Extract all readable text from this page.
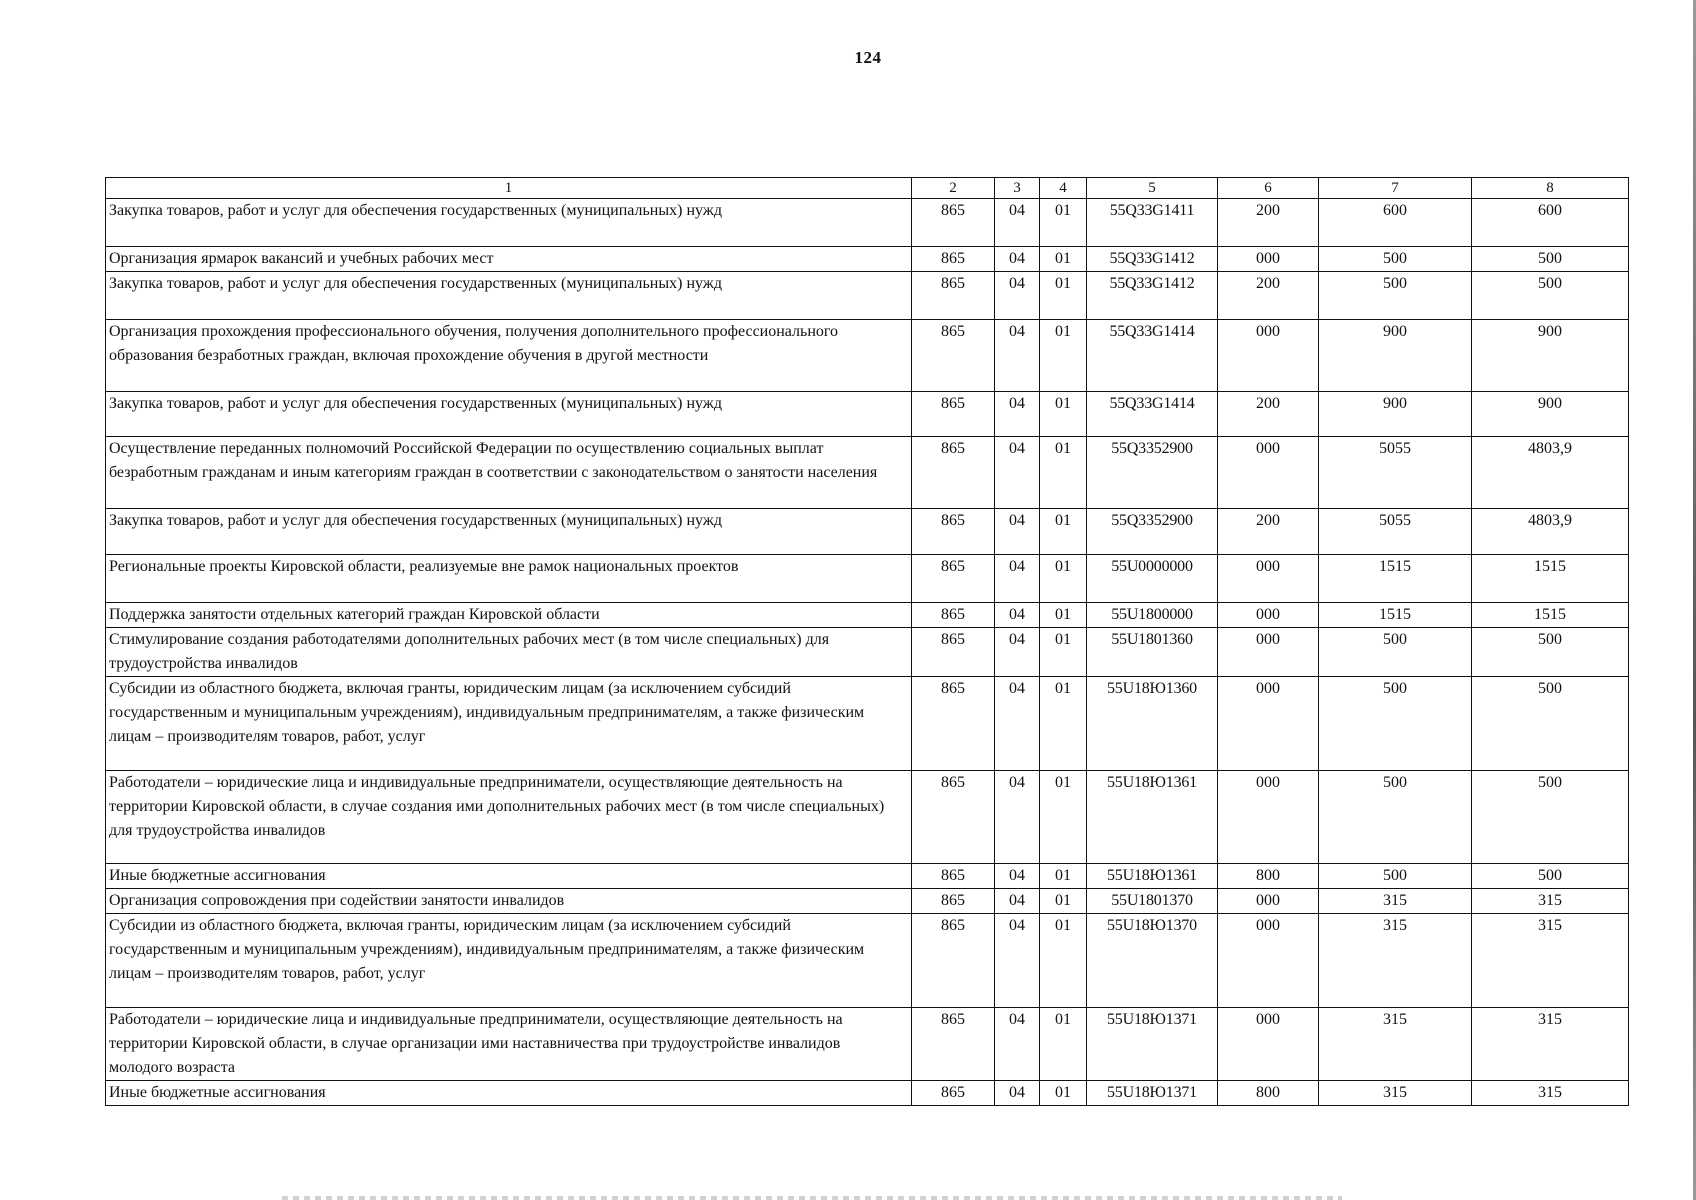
124
1	2	3	4	5	6	7	8
Закупка товаров, работ и услуг для обеспечения государственных (муниципальных) нужд	865	04	01	55Q33G1411	200	600	600
Организация ярмарок вакансий и учебных рабочих мест	865	04	01	55Q33G1412	000	500	500
Закупка товаров, работ и услуг для обеспечения государственных (муниципальных) нужд	865	04	01	55Q33G1412	200	500	500
Организация прохождения профессионального обучения, получения дополнительного профессионального образования безработных граждан, включая прохождение обучения в другой местности	865	04	01	55Q33G1414	000	900	900
Закупка товаров, работ и услуг для обеспечения государственных (муниципальных) нужд	865	04	01	55Q33G1414	200	900	900
Осуществление переданных полномочий Российской Федерации по осуществлению социальных выплат безработным гражданам и иным категориям граждан в соответствии с законодательством о занятости населения	865	04	01	55Q3352900	000	5055	4803,9
Закупка товаров, работ и услуг для обеспечения государственных (муниципальных) нужд	865	04	01	55Q3352900	200	5055	4803,9
Региональные проекты Кировской области, реализуемые вне рамок национальных проектов	865	04	01	55U0000000	000	1515	1515
Поддержка занятости отдельных категорий граждан Кировской области	865	04	01	55U1800000	000	1515	1515
Стимулирование создания работодателями дополнительных рабочих мест (в том числе специальных) для трудоустройства инвалидов	865	04	01	55U1801360	000	500	500
Субсидии из областного бюджета, включая гранты, юридическим лицам (за исключением субсидий государственным и муниципальным учреждениям), индивидуальным предпринимателям, а также физическим лицам – производителям товаров, работ, услуг	865	04	01	55U18Ю1360	000	500	500
Работодатели – юридические лица и индивидуальные предприниматели, осуществляющие деятельность на территории Кировской области, в случае создания ими дополнительных рабочих мест (в том числе специальных) для трудоустройства инвалидов	865	04	01	55U18Ю1361	000	500	500
Иные бюджетные ассигнования	865	04	01	55U18Ю1361	800	500	500
Организация сопровождения при содействии занятости инвалидов	865	04	01	55U1801370	000	315	315
Субсидии из областного бюджета, включая гранты, юридическим лицам (за исключением субсидий государственным и муниципальным учреждениям), индивидуальным предпринимателям, а также физическим лицам – производителям товаров, работ, услуг	865	04	01	55U18Ю1370	000	315	315
Работодатели – юридические лица и индивидуальные предприниматели, осуществляющие деятельность на территории Кировской области, в случае организации ими наставничества при трудоустройстве инвалидов молодого возраста	865	04	01	55U18Ю1371	000	315	315
Иные бюджетные ассигнования	865	04	01	55U18Ю1371	800	315	315
